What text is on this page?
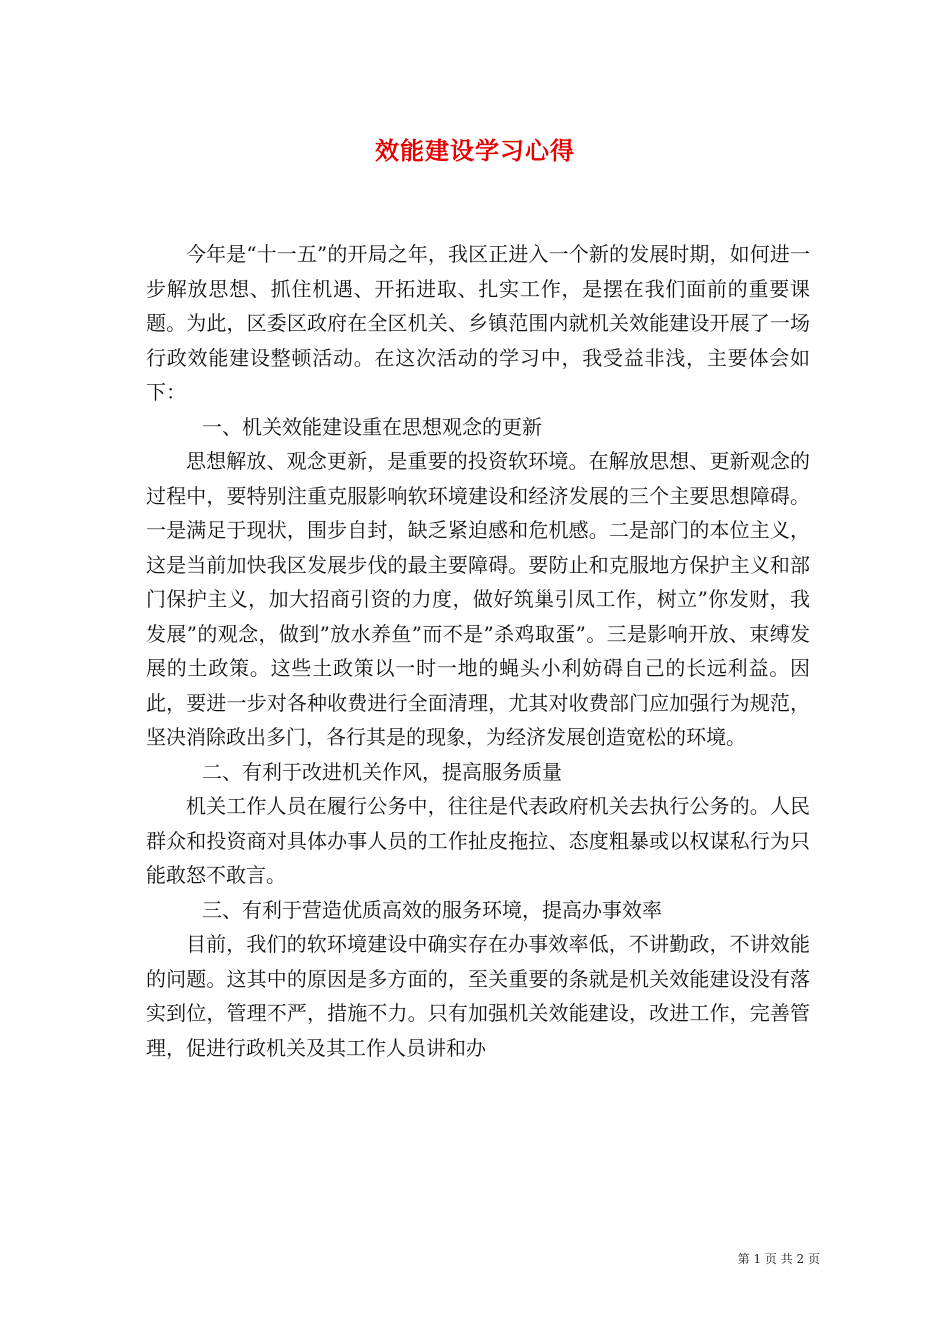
效能建设学习心得

今年是“十一五”的开局之年，我区正进入一个新的发展时期，如何进一步解放思想、抓住机遇、开拓进取、扎实工作，是摆在我们面前的重要课题。为此，区委区政府在全区机关、乡镇范围内就机关效能建设开展了一场行政效能建设整顿活动。在这次活动的学习中，我受益非浅，主要体会如下：

一、机关效能建设重在思想观念的更新

思想解放、观念更新，是重要的投资软环境。在解放思想、更新观念的过程中，要特别注重克服影响软环境建设和经济发展的三个主要思想障碍。一是满足于现状，围步自封，缺乏紧迫感和危机感。二是部门的本位主义，这是当前加快我区发展步伐的最主要障碍。要防止和克服地方保护主义和部门保护主义，加大招商引资的力度，做好筑巢引凤工作，树立”你发财，我发展”的观念，做到”放水养鱼”而不是”杀鸡取蛋”。三是影响开放、束缚发展的土政策。这些土政策以一时一地的蝇头小利妨碍自己的长远利益。因此，要进一步对各种收费进行全面清理，尤其对收费部门应加强行为规范，坚决消除政出多门，各行其是的现象，为经济发展创造宽松的环境。

二、有利于改进机关作风，提高服务质量

机关工作人员在履行公务中，往往是代表政府机关去执行公务的。人民群众和投资商对具体办事人员的工作扯皮拖拉、态度粗暴或以权谋私行为只能敢怒不敢言。

三、有利于营造优质高效的服务环境，提高办事效率

目前，我们的软环境建设中确实存在办事效率低，不讲勤政，不讲效能的问题。这其中的原因是多方面的，至关重要的条就是机关效能建设没有落实到位，管理不严，措施不力。只有加强机关效能建设，改进工作，完善管理，促进行政机关及其工作人员讲和办

第 1 页 共 2 页
